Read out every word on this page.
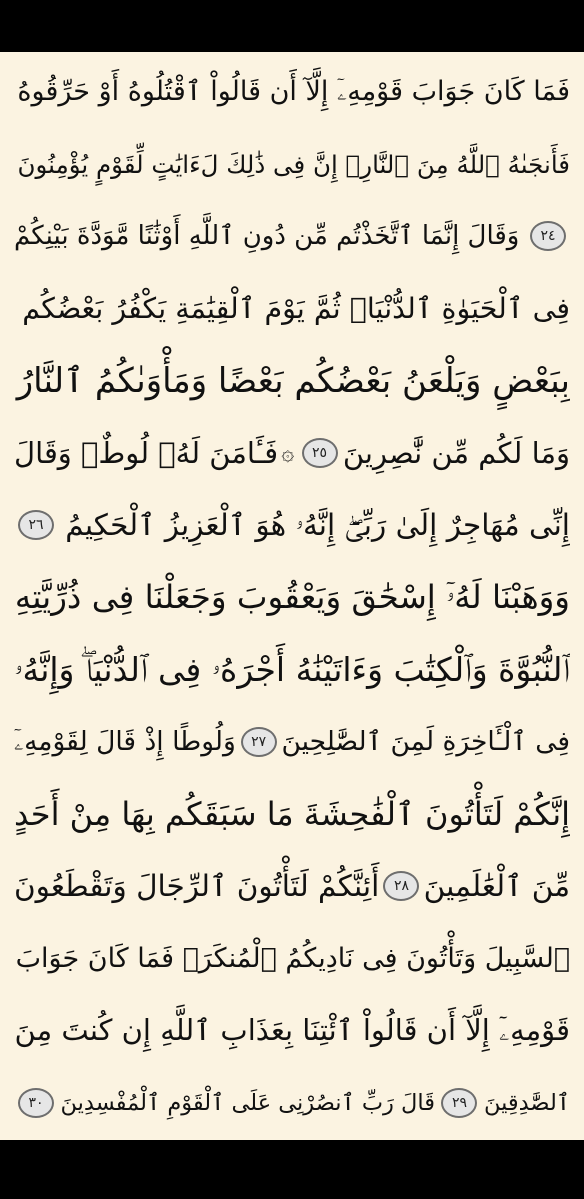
فَمَا كَانَ جَوَابَ قَوْمِهِۦٓ إِلَّآ أَن قَالُواْ ٱقْتُلُوهُ أَوْ حَرِّقُوهُ
فَأَنجَىٰهُ ٱللَّهُ مِنَ ٱلنَّارِۚ إِنَّ فِى ذَٰلِكَ لَءَايَٰتٍ لِّقَوْمٍ يُؤْمِنُونَ
٢٤
وَقَالَ إِنَّمَا ٱتَّخَذْتُم مِّن دُونِ ٱللَّهِ أَوْثَٰنًا مَّوَدَّةَ بَيْنِكُمْ
فِى ٱلْحَيَوٰةِ ٱلدُّنْيَاۖ ثُمَّ يَوْمَ ٱلْقِيَٰمَةِ يَكْفُرُ بَعْضُكُم
بِبَعْضٍ وَيَلْعَنُ بَعْضُكُم بَعْضًا وَمَأْوَىٰكُمُ ٱلنَّارُ
وَمَا لَكُم مِّن نَّٰصِرِينَ
٢٥
۞
فَـَٔامَنَ لَهُۥ لُوطٌۘ وَقَالَ
إِنِّى مُهَاجِرٌ إِلَىٰ رَبِّىٓۖ إِنَّهُۥ هُوَ ٱلْعَزِيزُ ٱلْحَكِيمُ
٢٦
وَوَهَبْنَا لَهُۥٓ إِسْحَٰقَ وَيَعْقُوبَ وَجَعَلْنَا فِى ذُرِّيَّتِهِ
ٱلنُّبُوَّةَ وَٱلْكِتَٰبَ وَءَاتَيْنَٰهُ أَجْرَهُۥ فِى ٱلدُّنْيَاۖ وَإِنَّهُۥ
فِى ٱلْـَٔاخِرَةِ لَمِنَ ٱلصَّٰلِحِينَ
٢٧
وَلُوطًا إِذْ قَالَ لِقَوْمِهِۦٓ
إِنَّكُمْ لَتَأْتُونَ ٱلْفَٰحِشَةَ مَا سَبَقَكُم بِهَا مِنْ أَحَدٍ
مِّنَ ٱلْعَٰلَمِينَ
٢٨
أَئِنَّكُمْ لَتَأْتُونَ ٱلرِّجَالَ وَتَقْطَعُونَ
ٱلسَّبِيلَ وَتَأْتُونَ فِى نَادِيكُمُ ٱلْمُنكَرَۖ فَمَا كَانَ جَوَابَ
قَوْمِهِۦٓ إِلَّآ أَن قَالُواْ ٱئْتِنَا بِعَذَابِ ٱللَّهِ إِن كُنتَ مِنَ
ٱلصَّٰدِقِينَ
٢٩
قَالَ رَبِّ ٱنصُرْنِى عَلَى ٱلْقَوْمِ ٱلْمُفْسِدِينَ
٣٠
